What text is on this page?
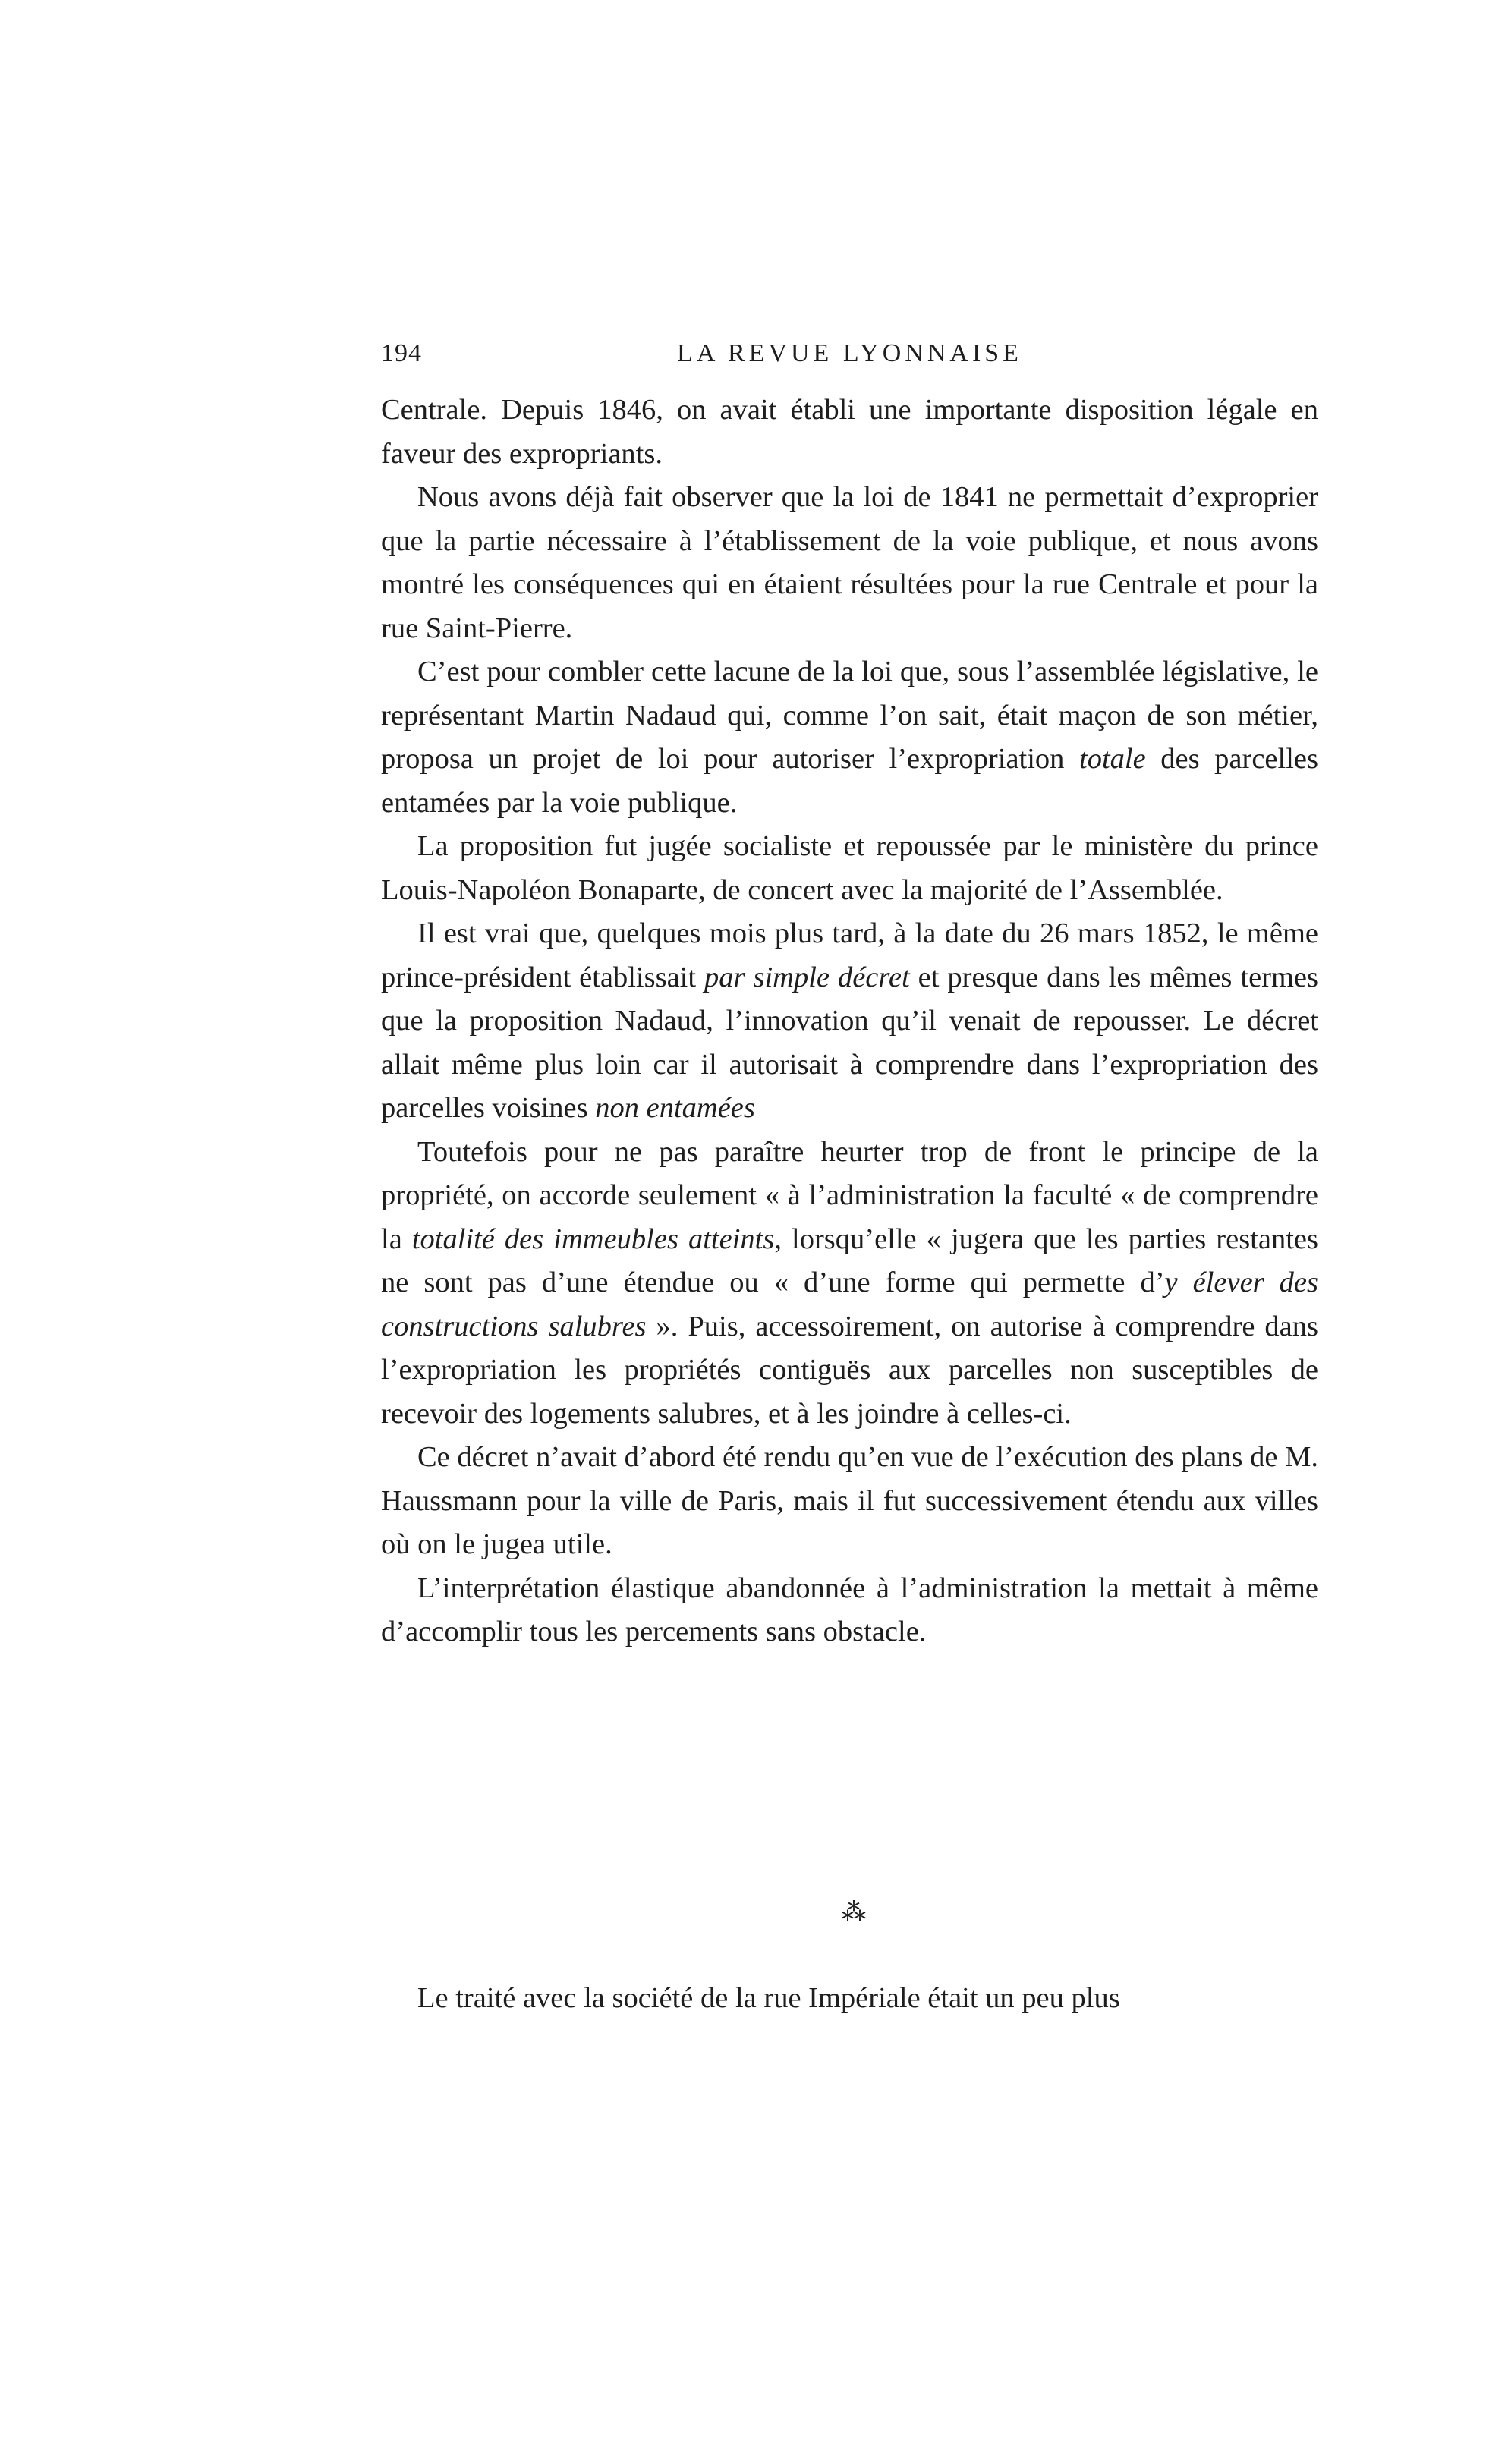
194	LA REVUE LYONNAISE

Centrale. Depuis 1846, on avait établi une importante disposition légale en faveur des expropriants.

Nous avons déjà fait observer que la loi de 1841 ne permettait d’exproprier que la partie nécessaire à l’établissement de la voie publique, et nous avons montré les conséquences qui en étaient résultées pour la rue Centrale et pour la rue Saint-Pierre.

C’est pour combler cette lacune de la loi que, sous l’assemblée législative, le représentant Martin Nadaud qui, comme l’on sait, était maçon de son métier, proposa un projet de loi pour autoriser l’expropriation totale des parcelles entamées par la voie publique.

La proposition fut jugée socialiste et repoussée par le ministère du prince Louis-Napoléon Bonaparte, de concert avec la majorité de l’Assemblée.

Il est vrai que, quelques mois plus tard, à la date du 26 mars 1852, le même prince-président établissait par simple décret et presque dans les mêmes termes que la proposition Nadaud, l’innovation qu’il venait de repousser. Le décret allait même plus loin car il autorisait à comprendre dans l’expropriation des parcelles voisines non entamées

Toutefois pour ne pas paraître heurter trop de front le principe de la propriété, on accorde seulement « à l’administration la faculté « de comprendre la totalité des immeubles atteints, lorsqu’elle « jugera que les parties restantes ne sont pas d’une étendue ou « d’une forme qui permette d’y élever des constructions salubres ». Puis, accessoirement, on autorise à comprendre dans l’expropriation les propriétés contiguës aux parcelles non susceptibles de recevoir des logements salubres, et à les joindre à celles-ci.

Ce décret n’avait d’abord été rendu qu’en vue de l’exécution des plans de M. Haussmann pour la ville de Paris, mais il fut successivement étendu aux villes où on le jugea utile.

L’interprétation élastique abandonnée à l’administration la mettait à même d’accomplir tous les percements sans obstacle.

⁂
Le traité avec la société de la rue Impériale était un peu plus
